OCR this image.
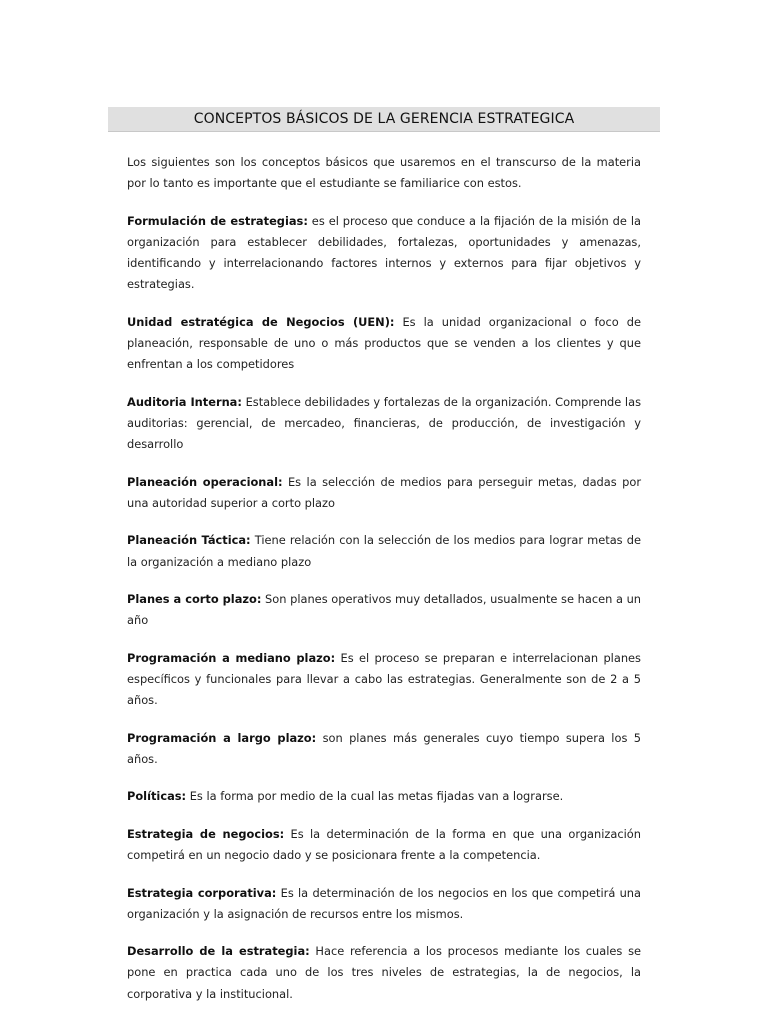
CONCEPTOS BÁSICOS DE LA GERENCIA ESTRATEGICA

Los siguientes son los conceptos básicos que usaremos en el transcurso de la materia por lo tanto es importante que el estudiante se familiarice con estos.

Formulación de estrategias: es el proceso que conduce a la fijación de la misión de la organización para establecer debilidades, fortalezas, oportunidades y amenazas, identificando y interrelacionando factores internos y externos para fijar objetivos y estrategias.

Unidad estratégica de Negocios (UEN): Es la unidad organizacional o foco de planeación, responsable de uno o más productos que se venden a los clientes y que enfrentan a los competidores

Auditoria Interna: Establece debilidades y fortalezas de la organización. Comprende las auditorias: gerencial, de mercadeo, financieras, de producción, de investigación y desarrollo

Planeación operacional: Es la selección de medios para perseguir metas, dadas por una autoridad superior a corto plazo

Planeación Táctica: Tiene relación con la selección de los medios para lograr metas de la organización a mediano plazo

Planes a corto plazo: Son planes operativos muy detallados, usualmente se hacen a un año

Programación a mediano plazo: Es el proceso se preparan e interrelacionan planes específicos y funcionales para llevar a cabo las estrategias. Generalmente son de 2 a 5 años.

Programación a largo plazo: son planes más generales cuyo tiempo supera los 5 años.

Políticas: Es la forma por medio de la cual las metas fijadas van a lograrse.

Estrategia de negocios: Es la determinación de la forma en que una organización competirá en un negocio dado y se posicionara frente a la competencia.

Estrategia corporativa: Es la determinación de los negocios en los que competirá una organización y la asignación de recursos entre los mismos.

Desarrollo de la estrategia: Hace referencia a los procesos mediante los cuales se pone en practica cada uno de los tres niveles de estrategias, la de negocios, la corporativa y la institucional.
